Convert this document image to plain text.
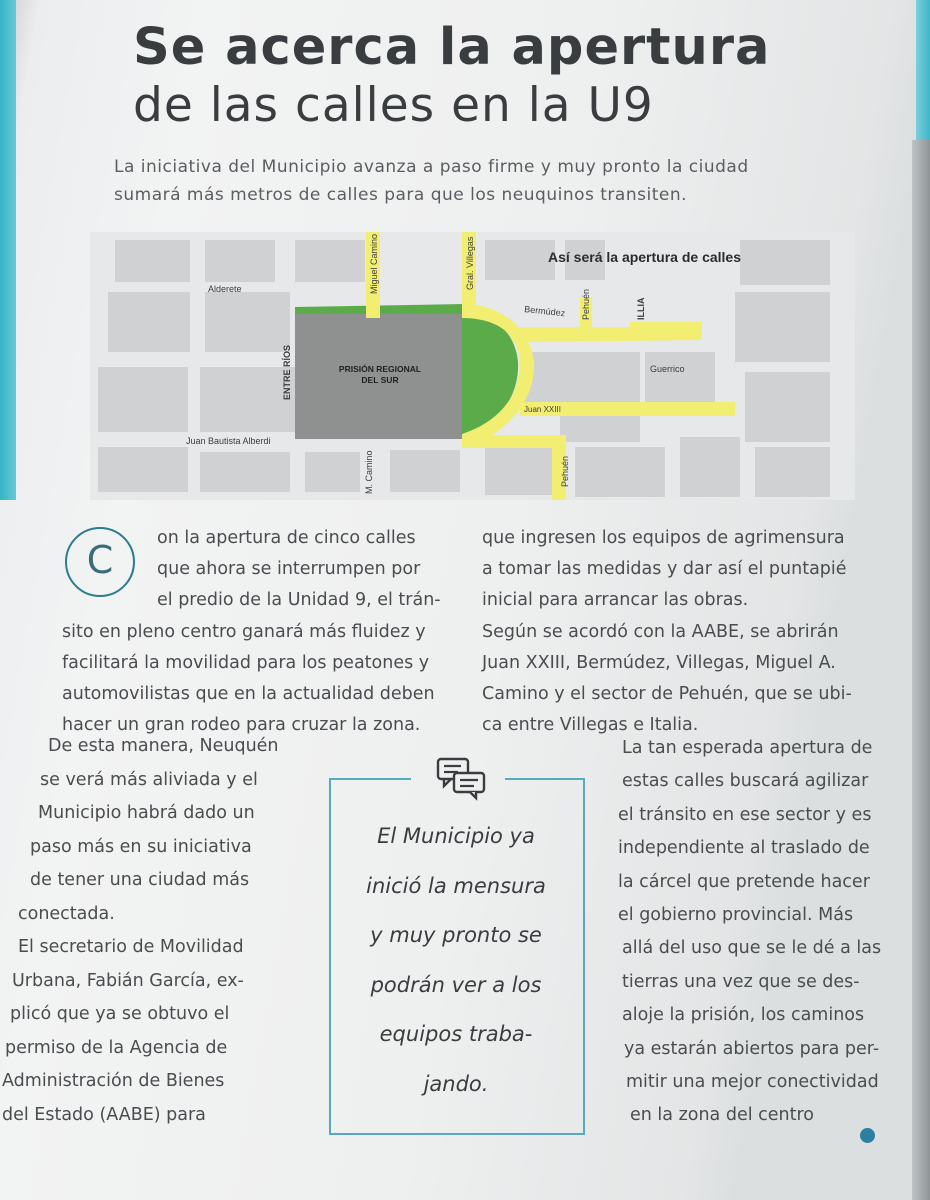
Se acerca la apertura
de las calles en la U9
La iniciativa del Municipio avanza a paso firme y muy pronto la ciudad
sumará más metros de calles para que los neuquinos transiten.
Así será la apertura de calles
Alderete	Miguel Camino	Gral. Villegas
Bermúdez Pehuén	ILLIA
ENTRE RÍOS	Guerrico
Juan XXIII
Juan Bautista Alberdi
M. Camino	Pehuén
PRISIÓN REGIONAL
DEL SUR
C	on la apertura de cinco calles
que ahora se interrumpen por
el predio de la Unidad 9, el trán-
sito en pleno centro ganará más fluidez y
facilitará la movilidad para los peatones y
automovilistas que en la actualidad deben
hacer un gran rodeo para cruzar la zona.
que ingresen los equipos de agrimensura
a tomar las medidas y dar así el puntapié
inicial para arrancar las obras.
Según se acordó con la AABE, se abrirán
Juan XXIII, Bermúdez, Villegas, Miguel A.
Camino y el sector de Pehuén, que se ubi-
ca entre Villegas e Italia.
De esta manera, Neuquén
se verá más aliviada y el
Municipio habrá dado un
paso más en su iniciativa
de tener una ciudad más
conectada.
El secretario de Movilidad
Urbana, Fabián García, ex-
plicó que ya se obtuvo el
permiso de la Agencia de
Administración de Bienes
del Estado (AABE) para
La tan esperada apertura de
estas calles buscará agilizar
el tránsito en ese sector y es
independiente al traslado de
la cárcel que pretende hacer
el gobierno provincial. Más
allá del uso que se le dé a las
tierras una vez que se des-
aloje la prisión, los caminos
ya estarán abiertos para per-
mitir una mejor conectividad
en la zona del centro
El Municipio ya
inició la mensura
y muy pronto se
podrán ver a los
equipos traba-
jando.
